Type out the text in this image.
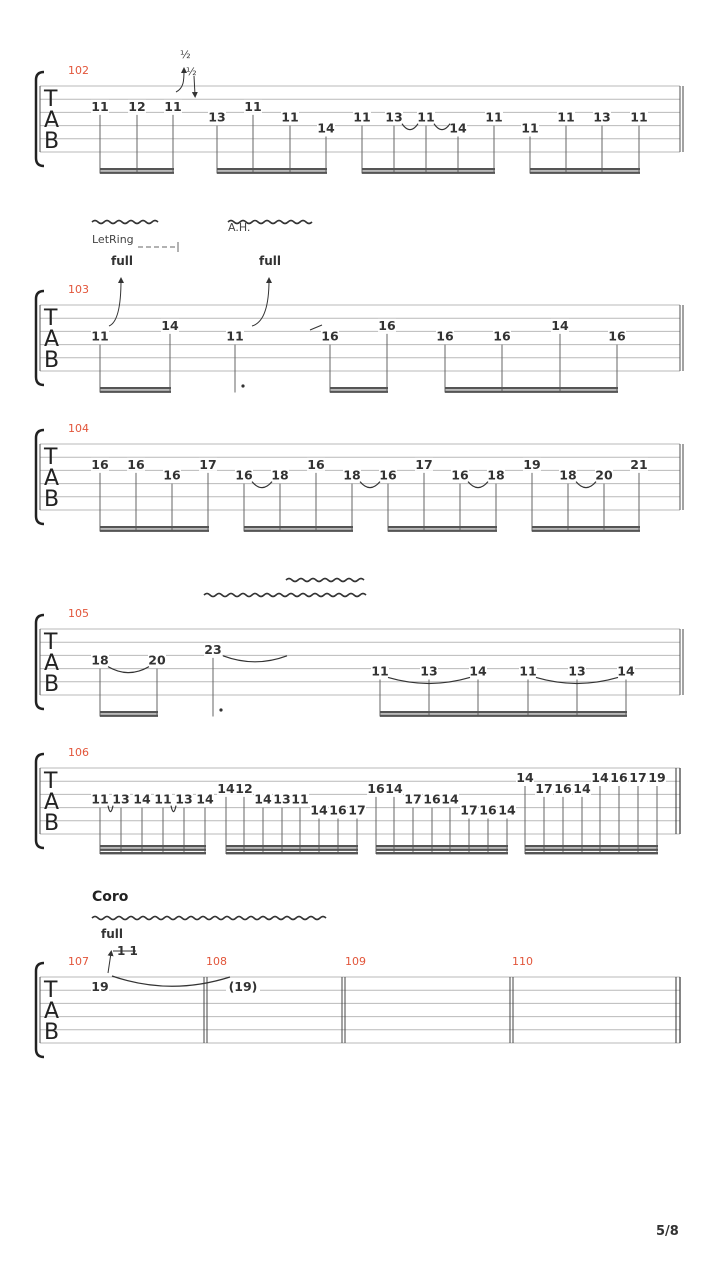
T
A
B
102
11 12 11
13
11
11
14
11 13 11
14
11
11
11 13 11
T
A
B
103
11
14
11	16
16
16	16
14
16
T
A
B
104
16 16
16
17
16 18
16
18 16
17
16 18
19
18 20
21
T
A
B
105
18	20
23
11	13	14	11	13	14
T
A
B
106
11 13 14 11 13 14
14 12
14 13 11
14 16 17
16 14
17 16 14
17 16 14
14
17 16 14
14 16 17 19
T
A
B
107	108	109	110
19	(19)
½
½
LetRing
A.H.
full	full
Coro
full
1 1
5/8
